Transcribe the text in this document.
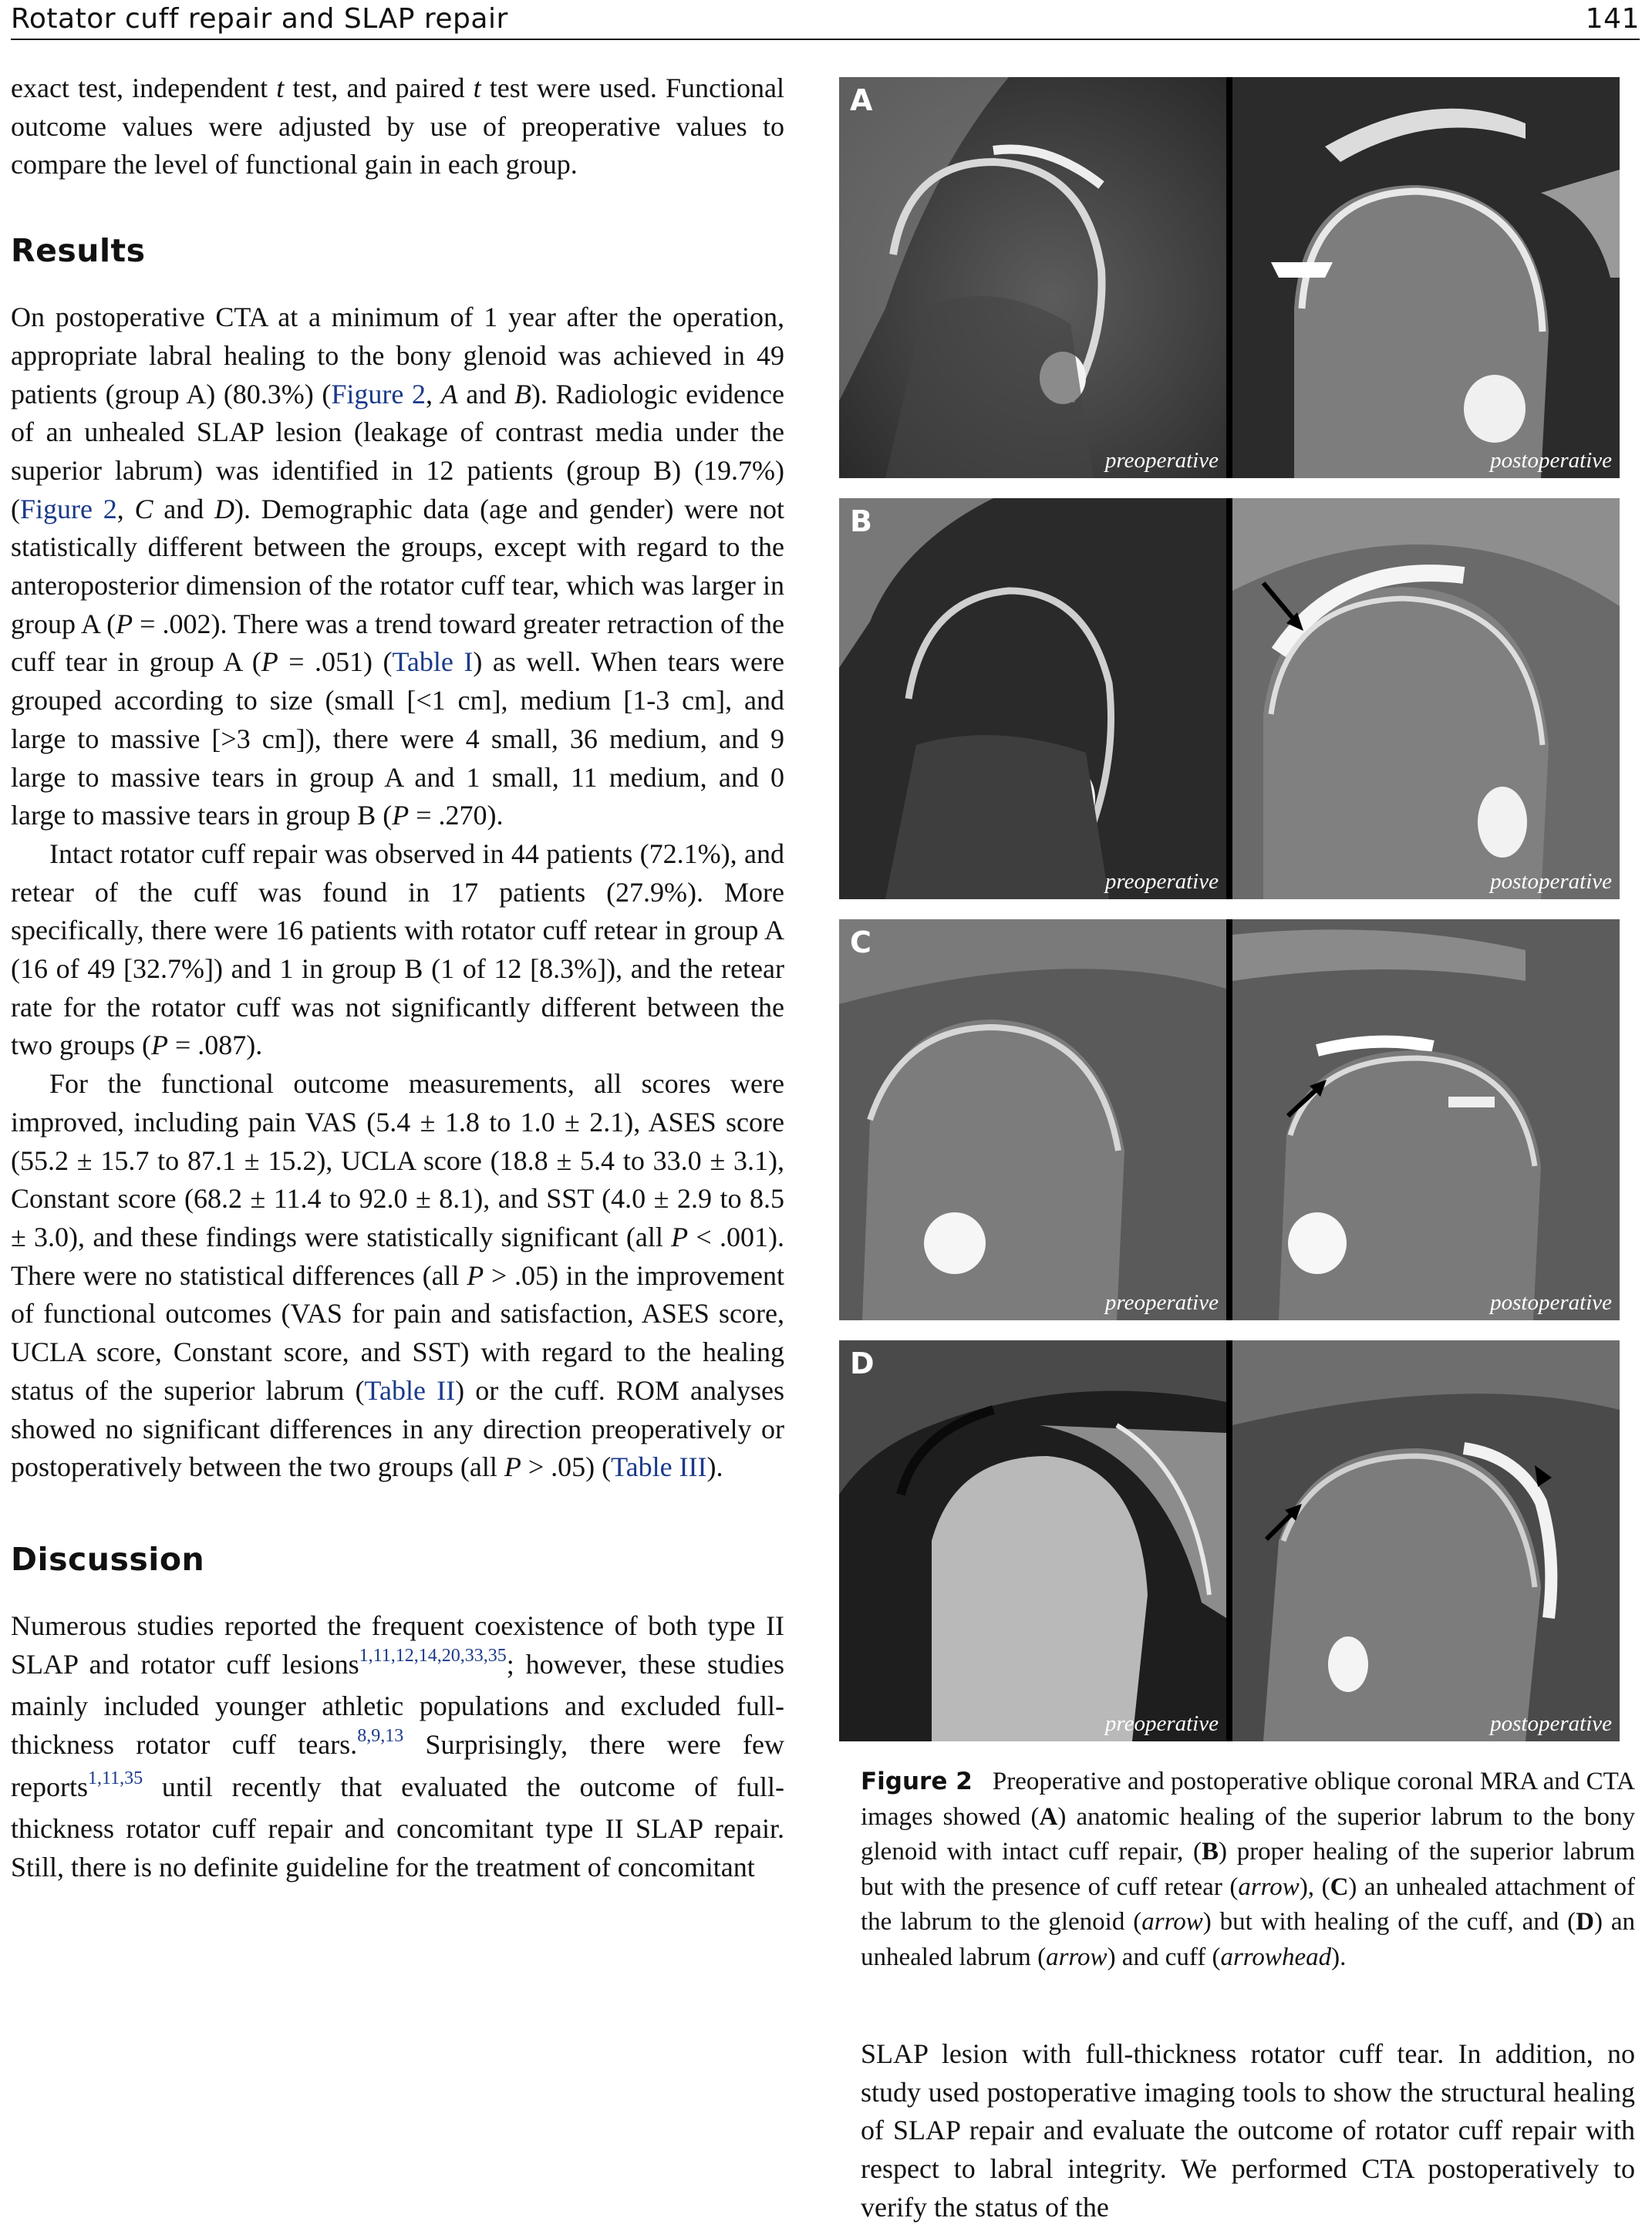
Rotator cuff repair and SLAP repair	141

exact test, independent t test, and paired t test were used. Functional outcome values were adjusted by use of preoperative values to compare the level of functional gain in each group.

Results

On postoperative CTA at a minimum of 1 year after the operation, appropriate labral healing to the bony glenoid was achieved in 49 patients (group A) (80.3%) (Figure 2, A and B). Radiologic evidence of an unhealed SLAP lesion (leakage of contrast media under the superior labrum) was identified in 12 patients (group B) (19.7%) (Figure 2, C and D). Demographic data (age and gender) were not statistically different between the groups, except with regard to the anteroposterior dimension of the rotator cuff tear, which was larger in group A (P = .002). There was a trend toward greater retraction of the cuff tear in group A (P = .051) (Table I) as well. When tears were grouped according to size (small [<1 cm], medium [1-3 cm], and large to massive [>3 cm]), there were 4 small, 36 medium, and 9 large to massive tears in group A and 1 small, 11 medium, and 0 large to massive tears in group B (P = .270).

Intact rotator cuff repair was observed in 44 patients (72.1%), and retear of the cuff was found in 17 patients (27.9%). More specifically, there were 16 patients with rotator cuff retear in group A (16 of 49 [32.7%]) and 1 in group B (1 of 12 [8.3%]), and the retear rate for the rotator cuff was not significantly different between the two groups (P = .087).

For the functional outcome measurements, all scores were improved, including pain VAS (5.4 ± 1.8 to 1.0 ± 2.1), ASES score (55.2 ± 15.7 to 87.1 ± 15.2), UCLA score (18.8 ± 5.4 to 33.0 ± 3.1), Constant score (68.2 ± 11.4 to 92.0 ± 8.1), and SST (4.0 ± 2.9 to 8.5 ± 3.0), and these findings were statistically significant (all P < .001). There were no statistical differences (all P > .05) in the improvement of functional outcomes (VAS for pain and satisfaction, ASES score, UCLA score, Constant score, and SST) with regard to the healing status of the superior labrum (Table II) or the cuff. ROM analyses showed no significant differences in any direction preoperatively or postoperatively between the two groups (all P > .05) (Table III).

Discussion

Numerous studies reported the frequent coexistence of both type II SLAP and rotator cuff lesions$^{1,11,12,14,20,33,35}$; however, these studies mainly included younger athletic populations and excluded full-thickness rotator cuff tears.$^{8,9,13}$ Surprisingly, there were few reports$^{1,11,35}$ until recently that evaluated the outcome of full-thickness rotator cuff repair and concomitant type II SLAP repair. Still, there is no definite guideline for the treatment of concomitant

A
preoperative	postoperative
B
preoperative	postoperative
C
preoperative	postoperative
D
preoperative	postoperative
Figure 2 Preoperative and postoperative oblique coronal MRA and CTA images showed (A) anatomic healing of the superior labrum to the bony glenoid with intact cuff repair, (B) proper healing of the superior labrum but with the presence of cuff retear (arrow), (C) an unhealed attachment of the labrum to the glenoid (arrow) but with healing of the cuff, and (D) an unhealed labrum (arrow) and cuff (arrowhead).

SLAP lesion with full-thickness rotator cuff tear. In addition, no study used postoperative imaging tools to show the structural healing of SLAP repair and evaluate the outcome of rotator cuff repair with respect to labral integrity. We performed CTA postoperatively to verify the status of the
